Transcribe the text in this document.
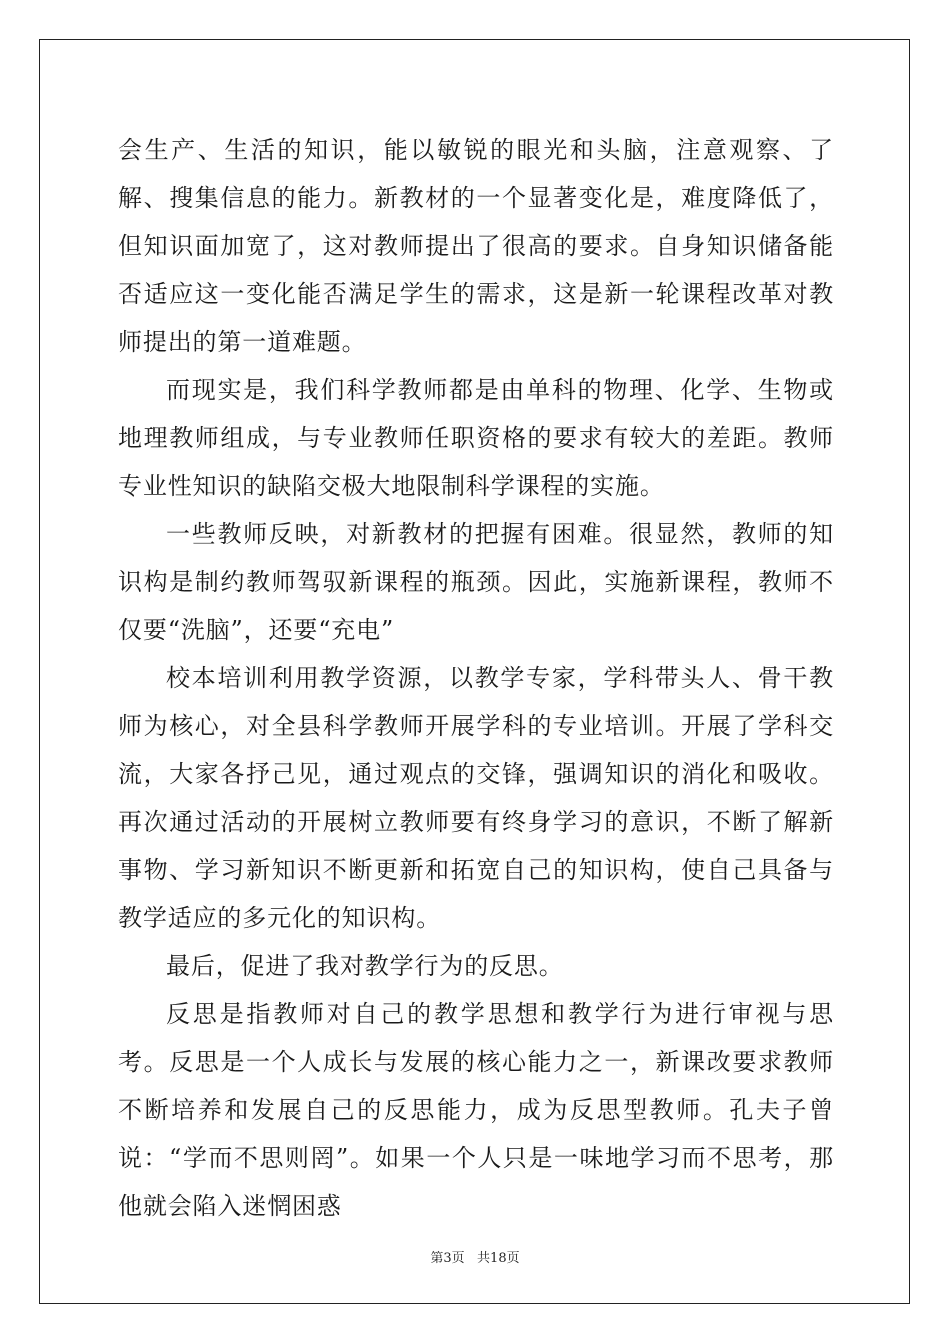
会生产、生活的知识，能以敏锐的眼光和头脑，注意观察、了解、搜集信息的能力。新教材的一个显著变化是，难度降低了，但知识面加宽了，这对教师提出了很高的要求。自身知识储备能否适应这一变化能否满足学生的需求，这是新一轮课程改革对教师提出的第一道难题。

而现实是，我们科学教师都是由单科的物理、化学、生物或地理教师组成，与专业教师任职资格的要求有较大的差距。教师专业性知识的缺陷交极大地限制科学课程的实施。

一些教师反映，对新教材的把握有困难。很显然，教师的知识构是制约教师驾驭新课程的瓶颈。因此，实施新课程，教师不仅要“洗脑”，还要“充电”

校本培训利用教学资源，以教学专家，学科带头人、骨干教师为核心，对全县科学教师开展学科的专业培训。开展了学科交流，大家各抒己见，通过观点的交锋，强调知识的消化和吸收。再次通过活动的开展树立教师要有终身学习的意识，不断了解新事物、学习新知识不断更新和拓宽自己的知识构，使自己具备与教学适应的多元化的知识构。

最后，促进了我对教学行为的反思。

反思是指教师对自己的教学思想和教学行为进行审视与思考。反思是一个人成长与发展的核心能力之一，新课改要求教师不断培养和发展自己的反思能力，成为反思型教师。孔夫子曾说：“学而不思则罔”。如果一个人只是一味地学习而不思考，那他就会陷入迷惘困惑

第3页   共18页
